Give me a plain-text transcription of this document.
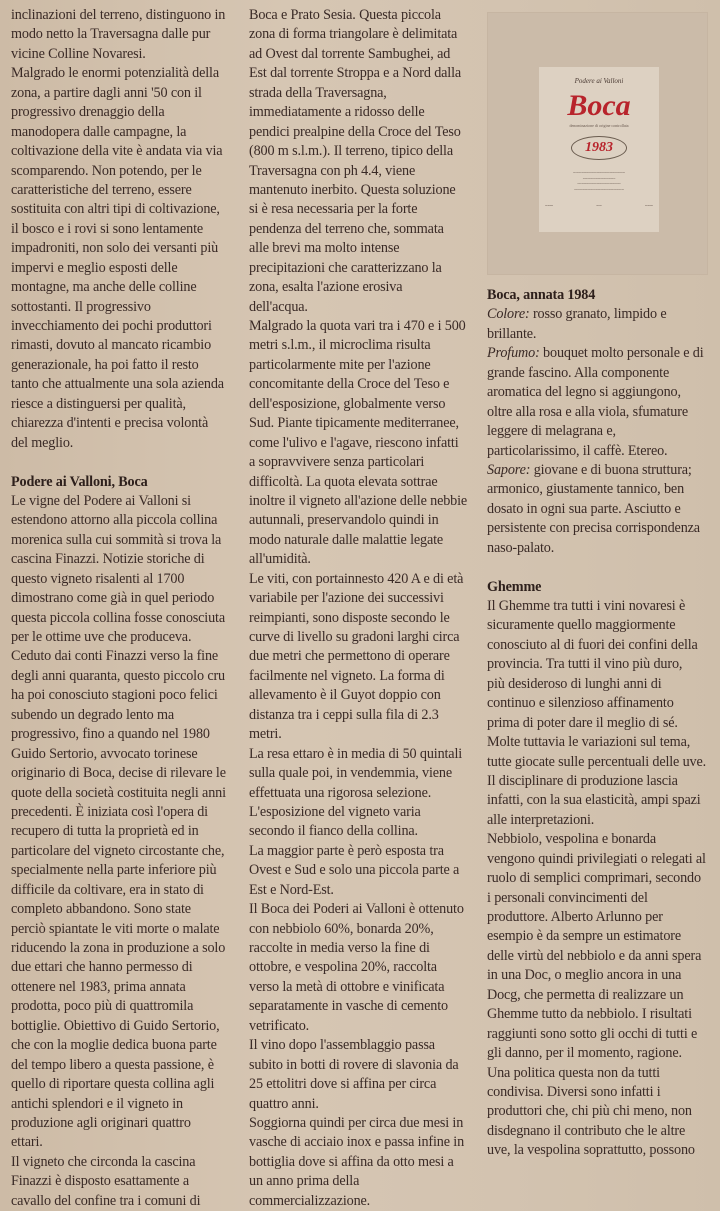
inclinazioni del terreno, distinguono in
modo netto la Traversagna dalle pur
vicine Colline Novaresi.
Malgrado le enormi potenzialità della
zona, a partire dagli anni '50 con il
progressivo drenaggio della
manodopera dalle campagne, la
coltivazione della vite è andata via via
scomparendo. Non potendo, per le
caratteristiche del terreno, essere
sostituita con altri tipi di coltivazione,
il bosco e i rovi si sono lentamente
impadroniti, non solo dei versanti più
impervi e meglio esposti delle
montagne, ma anche delle colline
sottostanti. Il progressivo
invecchiamento dei pochi produttori
rimasti, dovuto al mancato ricambio
generazionale, ha poi fatto il resto
tanto che attualmente una sola azienda
riesce a distinguersi per qualità,
chiarezza d'intenti e precisa volontà
del meglio.
Podere ai Valloni, Boca
Le vigne del Podere ai Valloni si
estendono attorno alla piccola collina
morenica sulla cui sommità si trova la
cascina Finazzi. Notizie storiche di
questo vigneto risalenti al 1700
dimostrano come già in quel periodo
questa piccola collina fosse conosciuta
per le ottime uve che produceva.
Ceduto dai conti Finazzi verso la fine
degli anni quaranta, questo piccolo cru
ha poi conosciuto stagioni poco felici
subendo un degrado lento ma
progressivo, fino a quando nel 1980
Guido Sertorio, avvocato torinese
originario di Boca, decise di rilevare le
quote della società costituita negli anni
precedenti. È iniziata così l'opera di
recupero di tutta la proprietà ed in
particolare del vigneto circostante che,
specialmente nella parte inferiore più
difficile da coltivare, era in stato di
completo abbandono. Sono state
perciò spiantate le viti morte o malate
riducendo la zona in produzione a solo
due ettari che hanno permesso di
ottenere nel 1983, prima annata
prodotta, poco più di quattromila
bottiglie. Obiettivo di Guido Sertorio,
che con la moglie dedica buona parte
del tempo libero a questa passione, è
quello di riportare questa collina agli
antichi splendori e il vigneto in
produzione agli originari quattro
ettari.
Il vigneto che circonda la cascina
Finazzi è disposto esattamente a
cavallo del confine tra i comuni di
Boca e Prato Sesia. Questa piccola
zona di forma triangolare è delimitata
ad Ovest dal torrente Sambughei, ad
Est dal torrente Stroppa e a Nord dalla
strada della Traversagna,
immediatamente a ridosso delle
pendici prealpine della Croce del Teso
(800 m s.l.m.). Il terreno, tipico della
Traversagna con ph 4.4, viene
mantenuto inerbito. Questa soluzione
si è resa necessaria per la forte
pendenza del terreno che, sommata
alle brevi ma molto intense
precipitazioni che caratterizzano la
zona, esalta l'azione erosiva
dell'acqua.
Malgrado la quota vari tra i 470 e i 500
metri s.l.m., il microclima risulta
particolarmente mite per l'azione
concomitante della Croce del Teso e
dell'esposizione, globalmente verso
Sud. Piante tipicamente mediterranee,
come l'ulivo e l'agave, riescono infatti
a sopravvivere senza particolari
difficoltà. La quota elevata sottrae
inoltre il vigneto all'azione delle nebbie
autunnali, preservandolo quindi in
modo naturale dalle malattie legate
all'umidità.
Le viti, con portainnesto 420 A e di età
variabile per l'azione dei successivi
reimpianti, sono disposte secondo le
curve di livello su gradoni larghi circa
due metri che permettono di operare
facilmente nel vigneto. La forma di
allevamento è il Guyot doppio con
distanza tra i ceppi sulla fila di 2.3
metri.
La resa ettaro è in media di 50 quintali
sulla quale poi, in vendemmia, viene
effettuata una rigorosa selezione.
L'esposizione del vigneto varia
secondo il fianco della collina.
La maggior parte è però esposta tra
Ovest e Sud e solo una piccola parte a
Est e Nord-Est.
Il Boca dei Poderi ai Valloni è ottenuto
con nebbiolo 60%, bonarda 20%,
raccolte in media verso la fine di
ottobre, e vespolina 20%, raccolta
verso la metà di ottobre e vinificata
separatamente in vasche di cemento
vetrificato.
Il vino dopo l'assemblaggio passa
subito in botti di rovere di slavonia da
25 ettolitri dove si affina per circa
quattro anni.
Soggiorna quindi per circa due mesi in
vasche di acciaio inox e passa infine in
bottiglia dove si affina da otto mesi a
un anno prima della
commercializzazione.
Podere ai Valloni
Boca
denominazione di origine controllata
1983
~~~~~~~~~~~~~~~~~~~~~~~~
~~~~~~~~~~~~~~~
~~~~~~~~~~~~~~~~~~~~
~~~~~~~~~~~~~~~~~~~~~~~
~~~	~~	~~~
Boca, annata 1984
Colore: rosso granato, limpido e
brillante.
Profumo: bouquet molto personale e di
grande fascino. Alla componente
aromatica del legno si aggiungono,
oltre alla rosa e alla viola, sfumature
leggere di melagrana e,
particolarissimo, il caffè. Etereo.
Sapore: giovane e di buona struttura;
armonico, giustamente tannico, ben
dosato in ogni sua parte. Asciutto e
persistente con precisa corrispondenza
naso-palato.
Ghemme
Il Ghemme tra tutti i vini novaresi è
sicuramente quello maggiormente
conosciuto al di fuori dei confini della
provincia. Tra tutti il vino più duro,
più desideroso di lunghi anni di
continuo e silenzioso affinamento
prima di poter dare il meglio di sé.
Molte tuttavia le variazioni sul tema,
tutte giocate sulle percentuali delle uve.
Il disciplinare di produzione lascia
infatti, con la sua elasticità, ampi spazi
alle interpretazioni.
Nebbiolo, vespolina e bonarda
vengono quindi privilegiati o relegati al
ruolo di semplici comprimari, secondo
i personali convincimenti del
produttore. Alberto Arlunno per
esempio è da sempre un estimatore
delle virtù del nebbiolo e da anni spera
in una Doc, o meglio ancora in una
Docg, che permetta di realizzare un
Ghemme tutto da nebbiolo. I risultati
raggiunti sono sotto gli occhi di tutti e
gli danno, per il momento, ragione.
Una politica questa non da tutti
condivisa. Diversi sono infatti i
produttori che, chi più chi meno, non
disdegnano il contributo che le altre
uve, la vespolina soprattutto, possono
